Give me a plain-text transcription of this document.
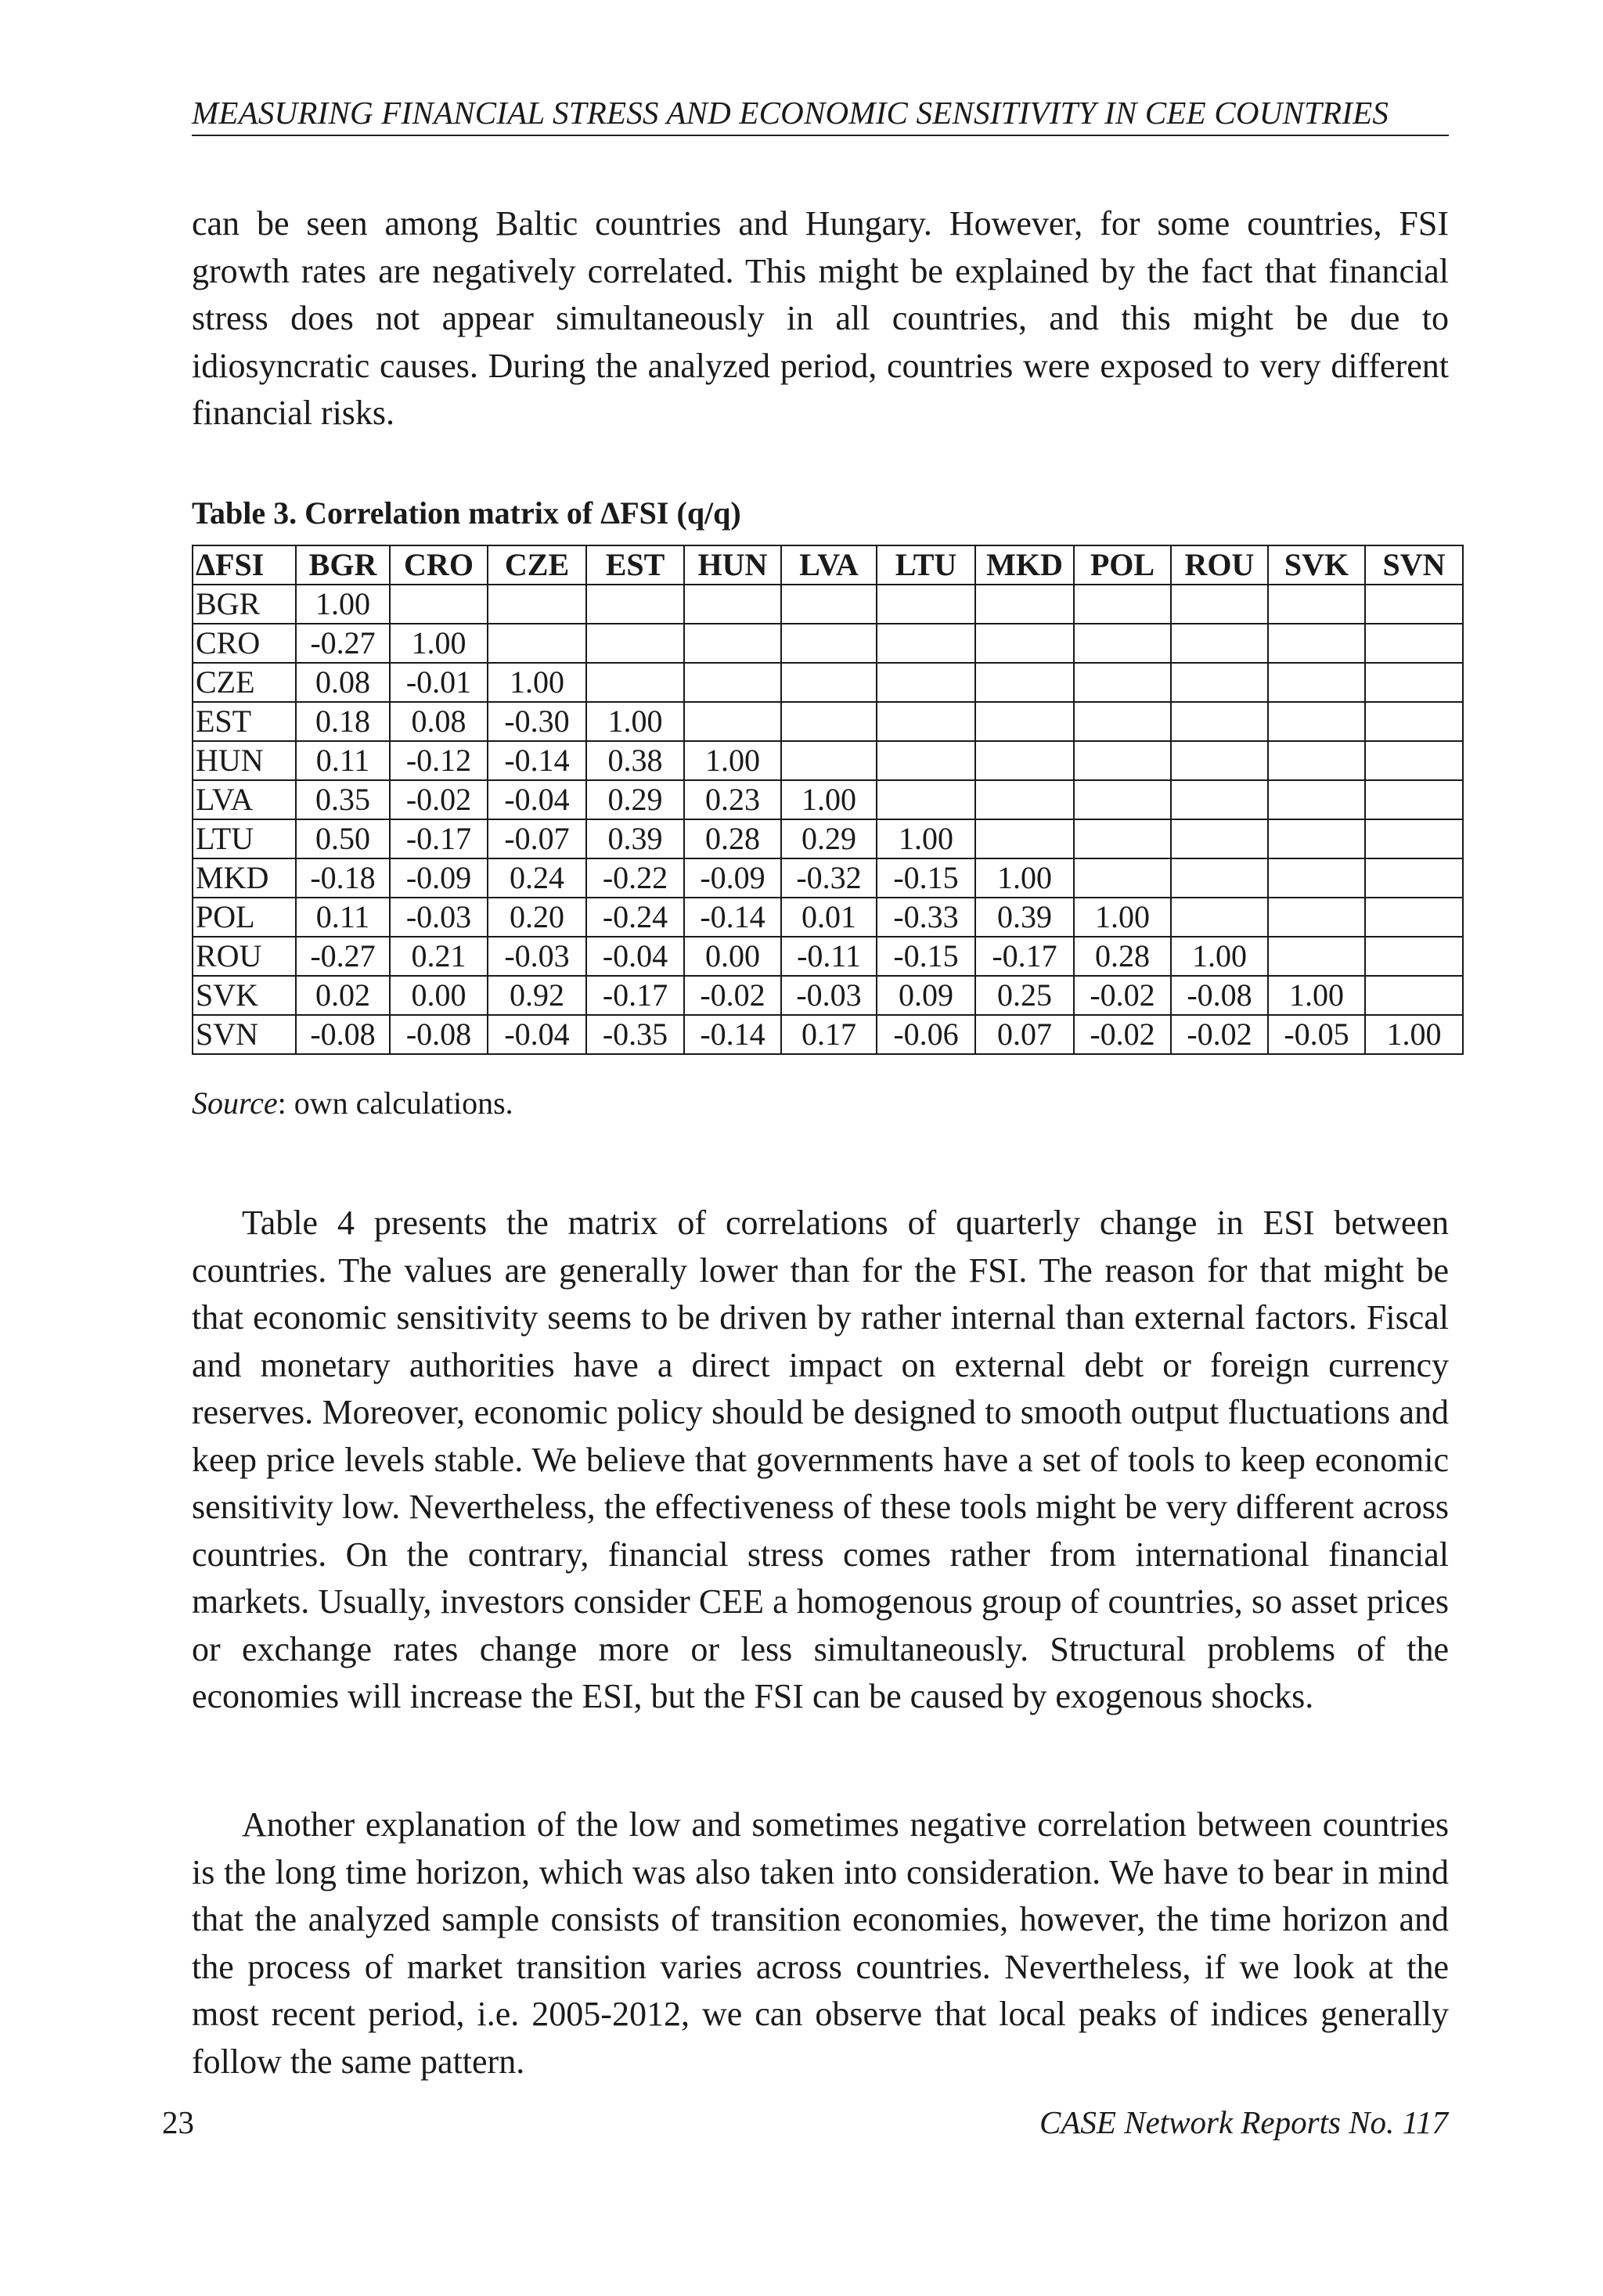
MEASURING FINANCIAL STRESS AND ECONOMIC SENSITIVITY IN CEE COUNTRIES

can be seen among Baltic countries and Hungary. However, for some countries, FSI growth rates are negatively correlated. This might be explained by the fact that financial stress does not appear simultaneously in all countries, and this might be due to idiosyncratic causes. During the analyzed period, countries were exposed to very different financial risks.

Table 3. Correlation matrix of ΔFSI (q/q)
ΔFSI	BGR	CRO	CZE	EST	HUN	LVA	LTU	MKD	POL	ROU	SVK	SVN
BGR	1.00											
CRO	-0.27	1.00										
CZE	0.08	-0.01	1.00									
EST	0.18	0.08	-0.30	1.00								
HUN	0.11	-0.12	-0.14	0.38	1.00							
LVA	0.35	-0.02	-0.04	0.29	0.23	1.00						
LTU	0.50	-0.17	-0.07	0.39	0.28	0.29	1.00					
MKD	-0.18	-0.09	0.24	-0.22	-0.09	-0.32	-0.15	1.00				
POL	0.11	-0.03	0.20	-0.24	-0.14	0.01	-0.33	0.39	1.00			
ROU	-0.27	0.21	-0.03	-0.04	0.00	-0.11	-0.15	-0.17	0.28	1.00		
SVK	0.02	0.00	0.92	-0.17	-0.02	-0.03	0.09	0.25	-0.02	-0.08	1.00	
SVN	-0.08	-0.08	-0.04	-0.35	-0.14	0.17	-0.06	0.07	-0.02	-0.02	-0.05	1.00
Source: own calculations.

Table 4 presents the matrix of correlations of quarterly change in ESI between countries. The values are generally lower than for the FSI. The reason for that might be that economic sensitivity seems to be driven by rather internal than external factors. Fiscal and monetary authorities have a direct impact on external debt or foreign currency reserves. Moreover, economic policy should be designed to smooth output fluctuations and keep price levels stable. We believe that governments have a set of tools to keep economic sensitivity low. Nevertheless, the effectiveness of these tools might be very different across countries. On the contrary, financial stress comes rather from international financial markets. Usually, investors consider CEE a homogenous group of countries, so asset prices or exchange rates change more or less simultaneously. Structural problems of the economies will increase the ESI, but the FSI can be caused by exogenous shocks.

Another explanation of the low and sometimes negative correlation between countries is the long time horizon, which was also taken into consideration. We have to bear in mind that the analyzed sample consists of transition economies, however, the time horizon and the process of market transition varies across countries. Nevertheless, if we look at the most recent period, i.e. 2005-2012, we can observe that local peaks of indices generally follow the same pattern.

23	CASE Network Reports No. 117
